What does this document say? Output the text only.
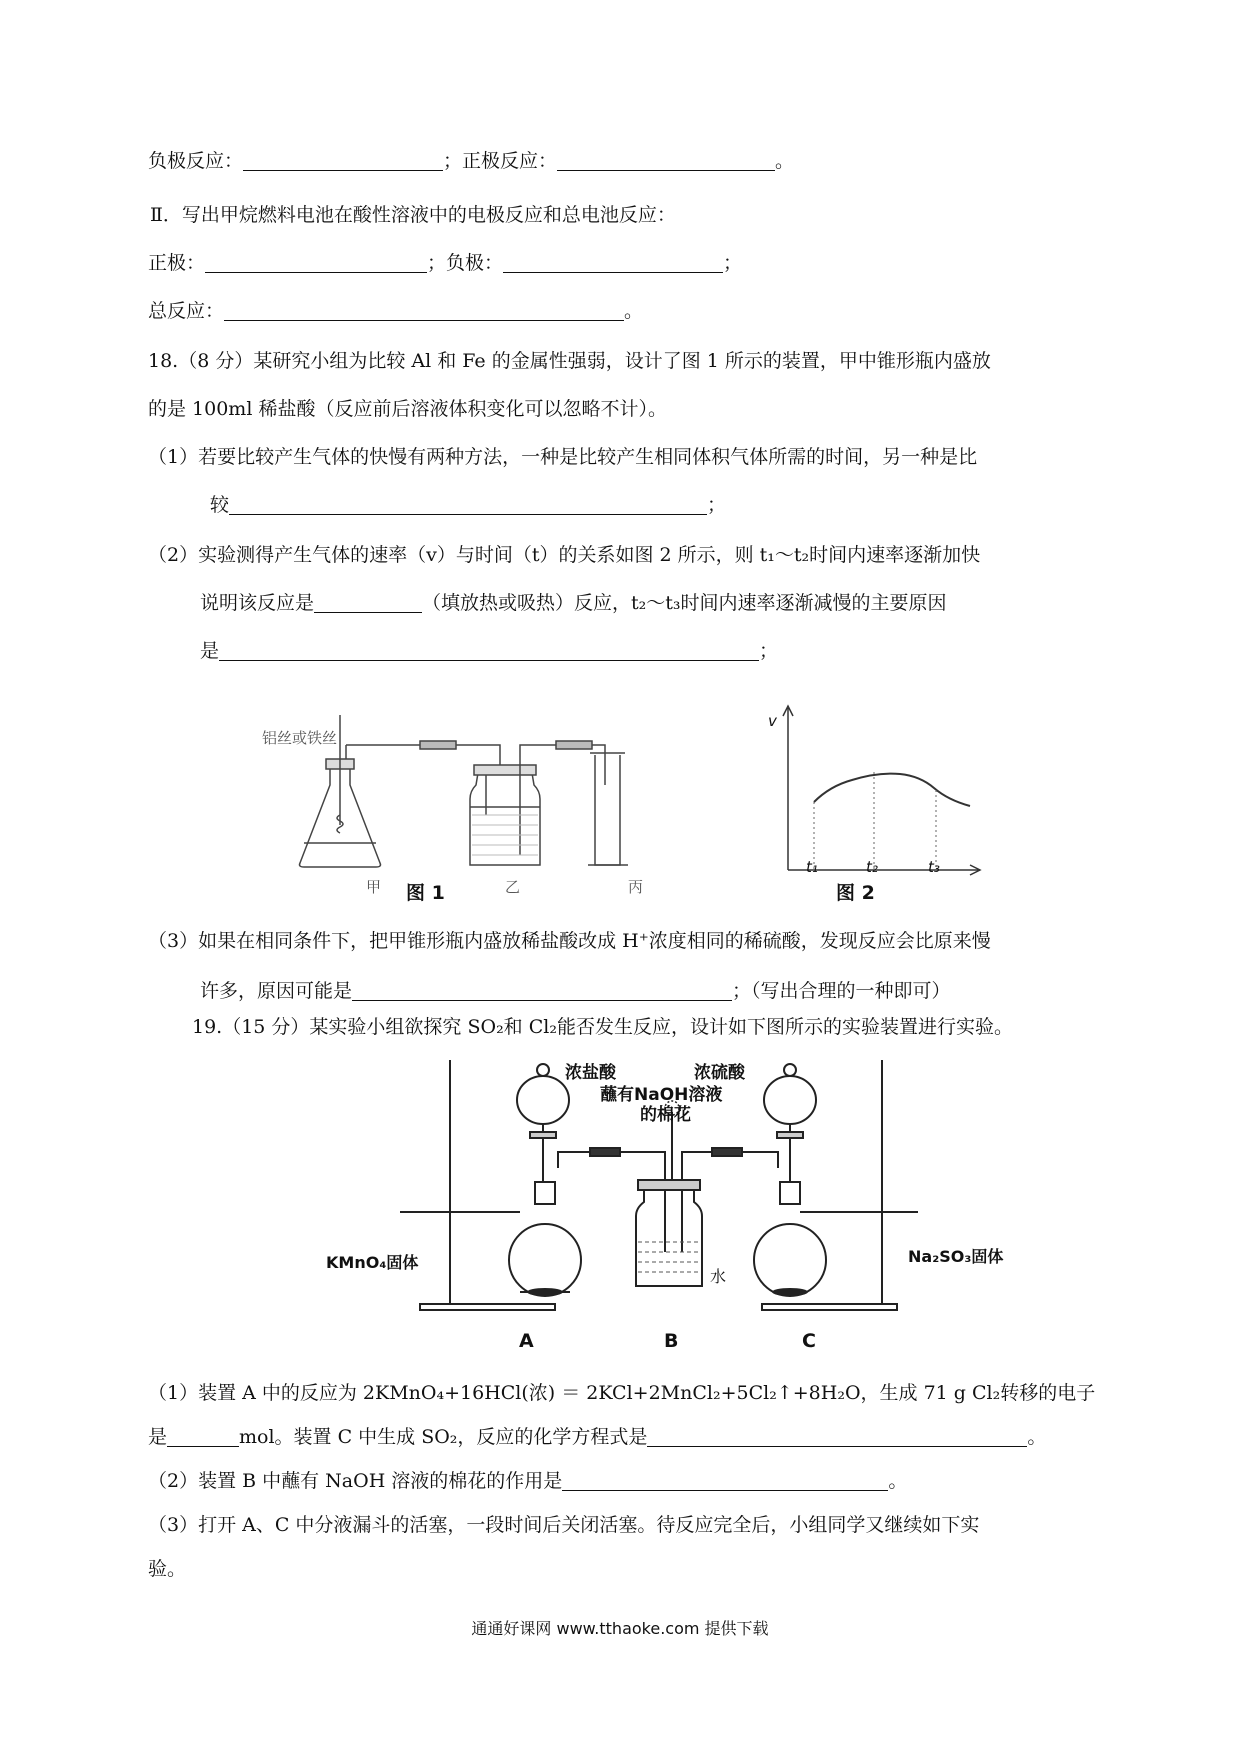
负极反应：	；正极反应：	。
Ⅱ．写出甲烷燃料电池在酸性溶液中的电极反应和总电池反应：
正极：	；负极：	；
总反应：	。
18.（8 分）某研究小组为比较 Al 和 Fe 的金属性强弱，设计了图 1 所示的装置，甲中锥形瓶内盛放
的是 100ml 稀盐酸（反应前后溶液体积变化可以忽略不计）。
（1）若要比较产生气体的快慢有两种方法，一种是比较产生相同体积气体所需的时间，另一种是比
较	；
（2）实验测得产生气体的速率（v）与时间（t）的关系如图 2 所示，则 t₁～t₂时间内速率逐渐加快
说明该反应是	（填放热或吸热）反应，t₂～t₃时间内速率逐渐减慢的主要原因
是	；
铝丝或铁丝
甲 图 1	乙	丙
v
t₁	t₂	t₃
图 2
（3）如果在相同条件下，把甲锥形瓶内盛放稀盐酸改成 H⁺浓度相同的稀硫酸，发现反应会比原来慢
许多，原因可能是	；（写出合理的一种即可）
19.（15 分）某实验小组欲探究 SO₂和 Cl₂能否发生反应，设计如下图所示的实验装置进行实验。
浓盐酸	浓硫酸
蘸有NaOH溶液
的棉花
KMnO₄固体	Na₂SO₃固体
水
A	B	C
（1）装置 A 中的反应为 2KMnO₄+16HCl(浓) ＝ 2KCl+2MnCl₂+5Cl₂↑+8H₂O，生成 71 g Cl₂转移的电子
是	mol。装置 C 中生成 SO₂，反应的化学方程式是	。
（2）装置 B 中蘸有 NaOH 溶液的棉花的作用是	。
（3）打开 A、C 中分液漏斗的活塞，一段时间后关闭活塞。待反应完全后，小组同学又继续如下实
验。
通通好课网 www.tthaoke.com 提供下载
